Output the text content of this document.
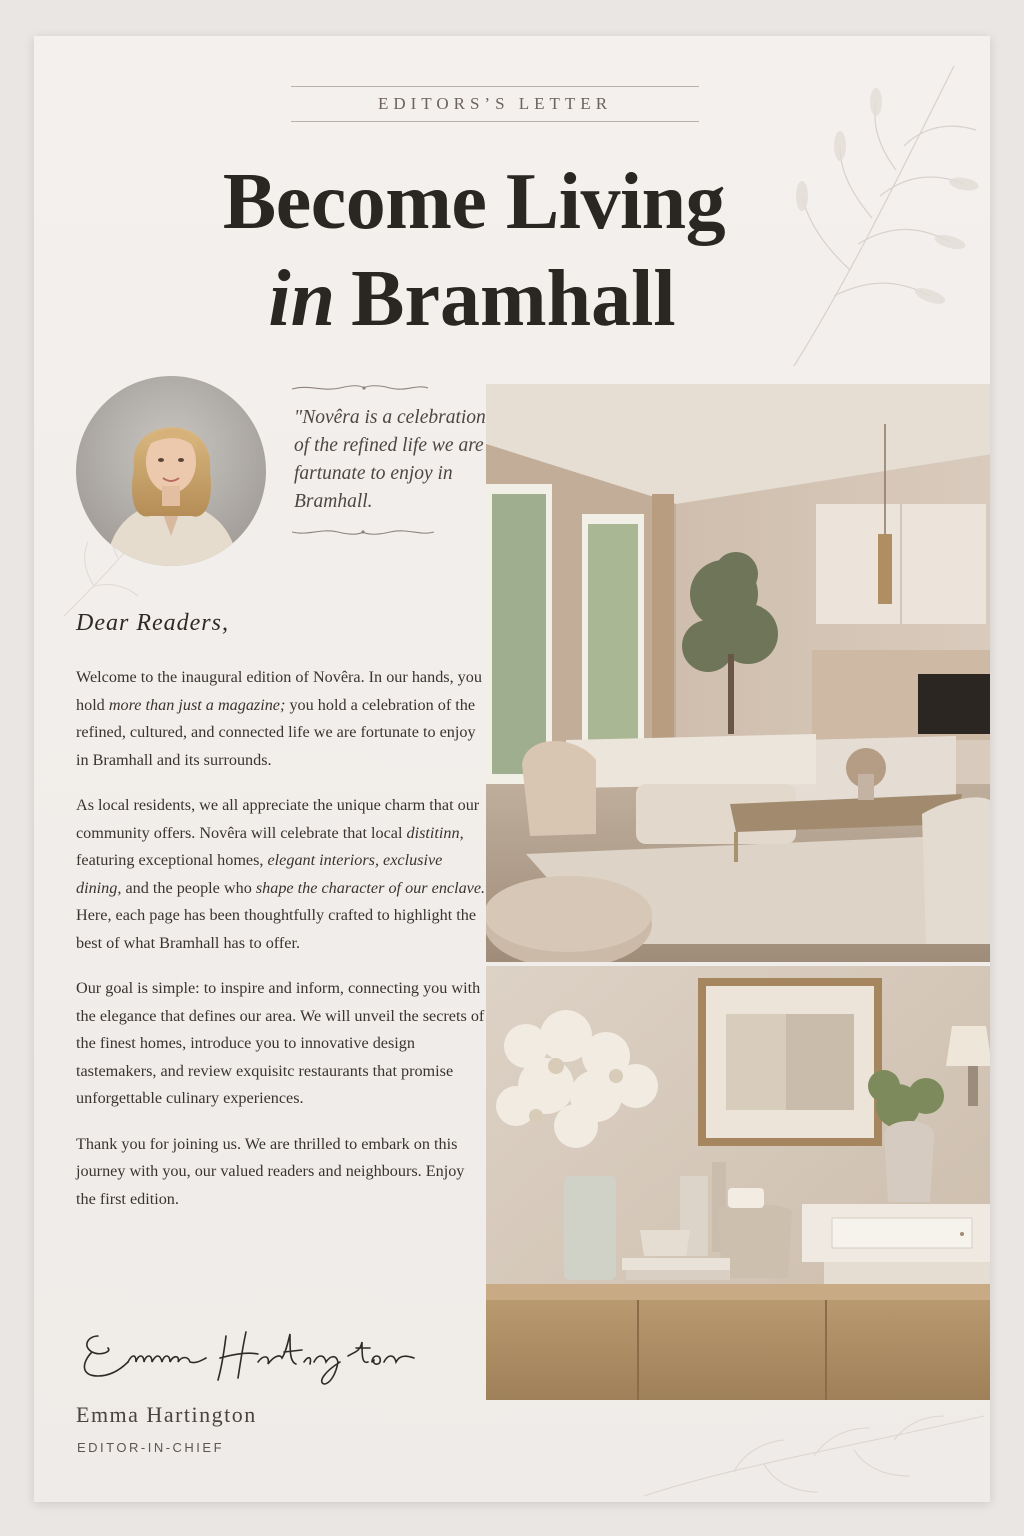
EDITORS’S LETTER
Become Living
in Bramhall

"Novêra is a celebration of the refined life we are fartunate to enjoy in Bramhall.

Dear Readers,

Welcome to the inaugural edition of Novêra. In our hands, you hold more than just a magazine; you hold a celebration of the refined, cultured, and connected life we are fortunate to enjoy in Bramhall and its surrounds.

As local residents, we all appreciate the unique charm that our community offers. Novêra will celebrate that local distitinn, featuring exceptional homes, elegant interiors, exclusive dining, and the people who shape the character of our enclave. Here, each page has been thoughtfully crafted to highlight the best of what Bramhall has to offer.

Our goal is simple: to inspire and inform, connecting you with the elegance that defines our area. We will unveil the secrets of the finest homes, introduce you to innovative design tastemakers, and review exquisitc restaurants that promise unforgettable culinary experiences.

Thank you for joining us. We are thrilled to embark on this journey with you, our valued readers and neighbours. Enjoy the first edition.

Emma Hartington
EDITOR-IN-CHIEF
